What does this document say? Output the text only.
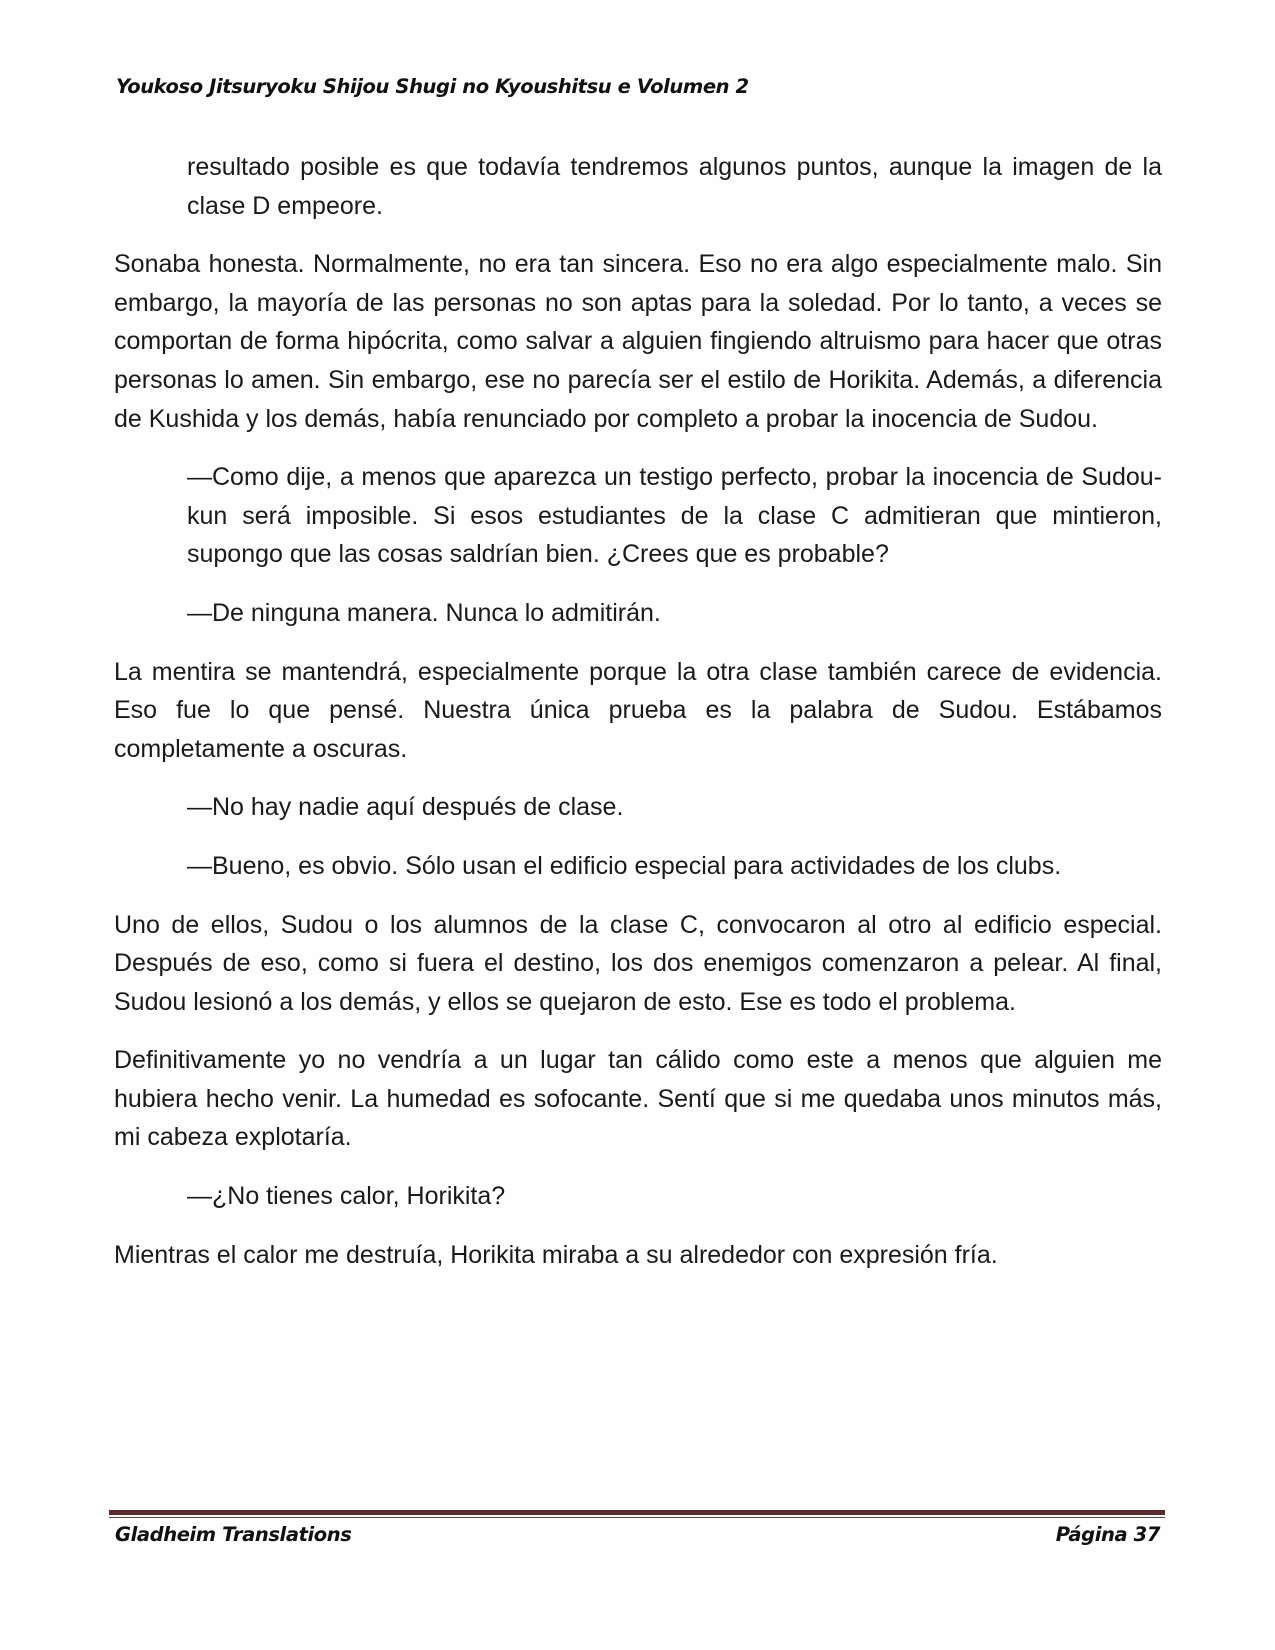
Youkoso Jitsuryoku Shijou Shugi no Kyoushitsu e Volumen 2

resultado posible es que todavía tendremos algunos puntos, aunque la imagen de la clase D empeore.

Sonaba honesta. Normalmente, no era tan sincera. Eso no era algo especialmente malo. Sin embargo, la mayoría de las personas no son aptas para la soledad. Por lo tanto, a veces se comportan de forma hipócrita, como salvar a alguien fingiendo altruismo para hacer que otras personas lo amen. Sin embargo, ese no parecía ser el estilo de Horikita. Además, a diferencia de Kushida y los demás, había renunciado por completo a probar la inocencia de Sudou.

—Como dije, a menos que aparezca un testigo perfecto, probar la inocencia de Sudou-kun será imposible. Si esos estudiantes de la clase C admitieran que mintieron, supongo que las cosas saldrían bien. ¿Crees que es probable?

—De ninguna manera. Nunca lo admitirán.

La mentira se mantendrá, especialmente porque la otra clase también carece de evidencia. Eso fue lo que pensé. Nuestra única prueba es la palabra de Sudou. Estábamos completamente a oscuras.

—No hay nadie aquí después de clase.

—Bueno, es obvio. Sólo usan el edificio especial para actividades de los clubs.

Uno de ellos, Sudou o los alumnos de la clase C, convocaron al otro al edificio especial. Después de eso, como si fuera el destino, los dos enemigos comenzaron a pelear. Al final, Sudou lesionó a los demás, y ellos se quejaron de esto. Ese es todo el problema.

Definitivamente yo no vendría a un lugar tan cálido como este a menos que alguien me hubiera hecho venir. La humedad es sofocante. Sentí que si me quedaba unos minutos más, mi cabeza explotaría.

—¿No tienes calor, Horikita?

Mientras el calor me destruía, Horikita miraba a su alrededor con expresión fría.

Gladheim Translations	Página 37
